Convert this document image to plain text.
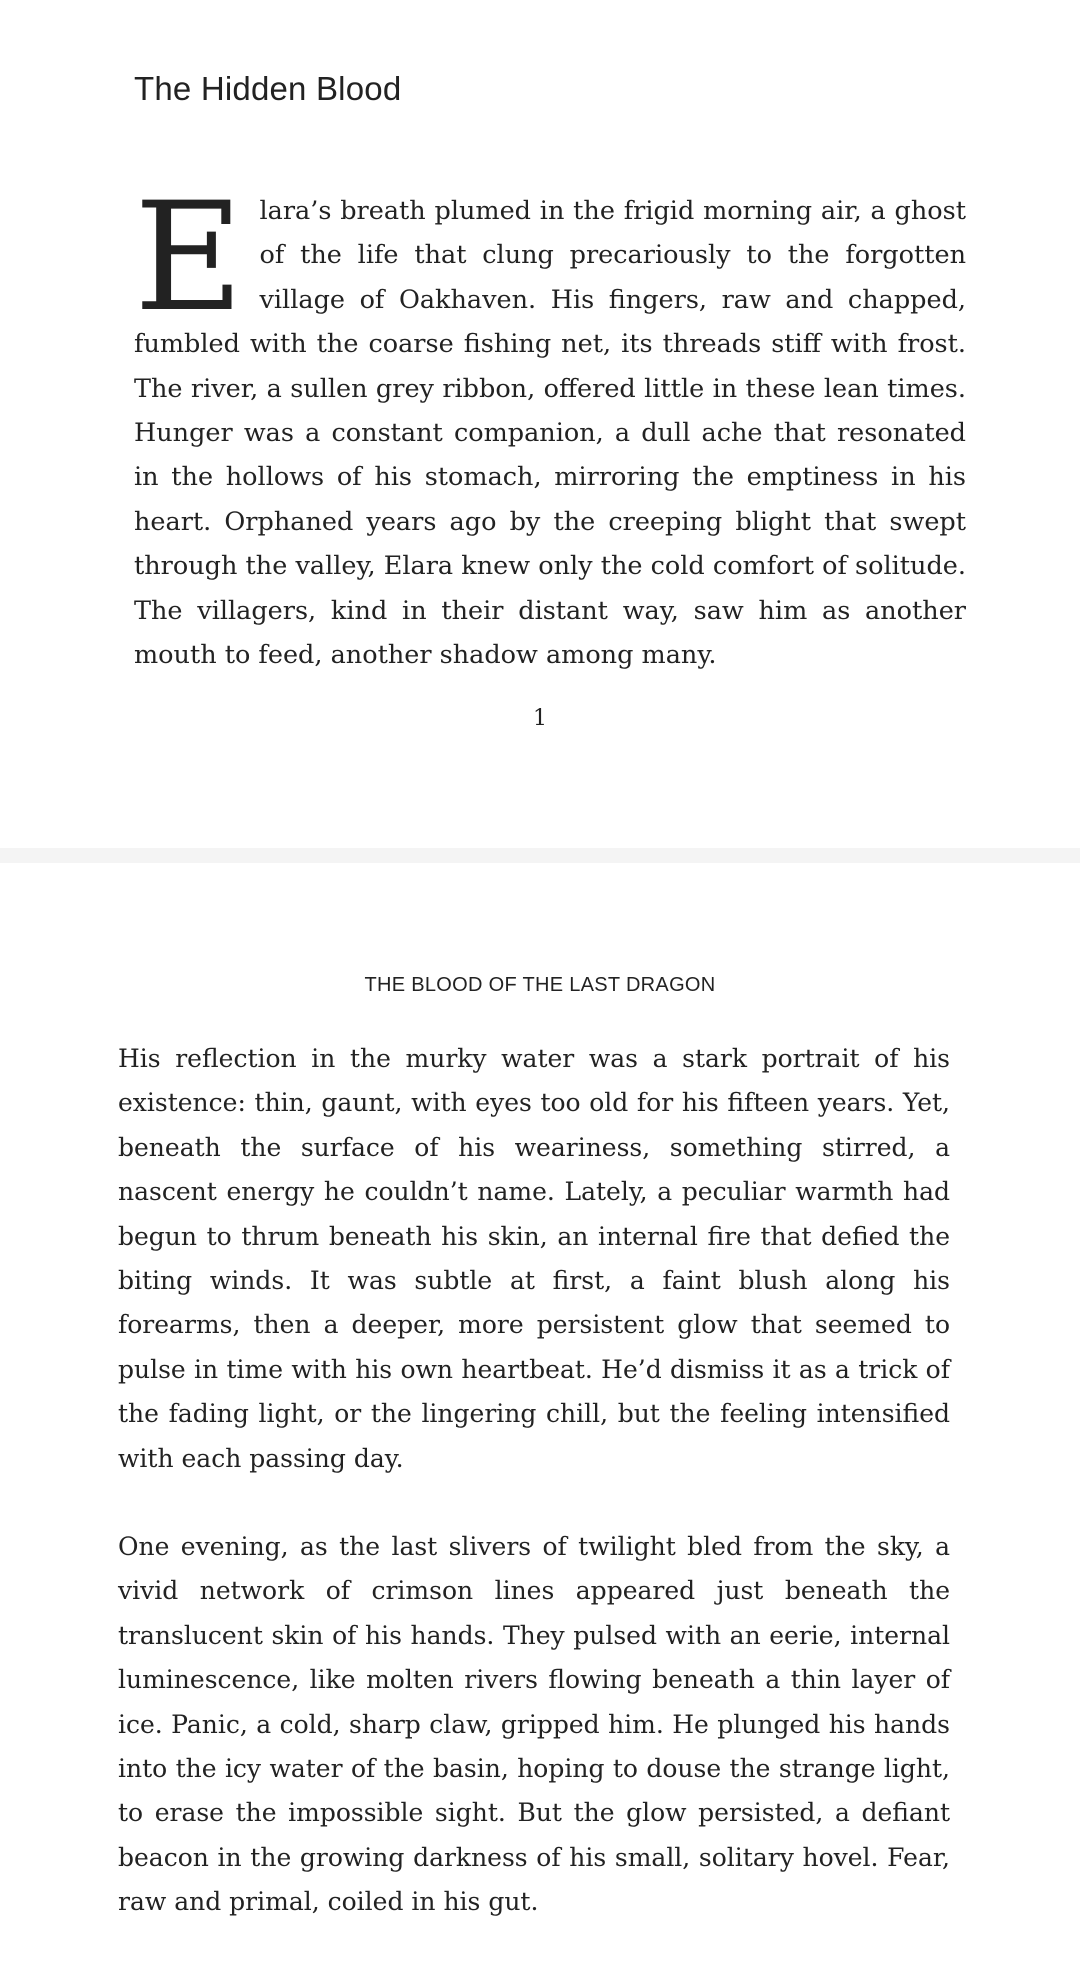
The Hidden Blood

Elara’s breath plumed in the frigid morning air, a ghost of the life that clung precariously to the forgotten village of Oakhaven. His fingers, raw and chapped, fumbled with the coarse fishing net, its threads stiff with frost. The river, a sullen grey ribbon, offered little in these lean times. Hunger was a constant companion, a dull ache that resonated in the hollows of his stomach, mirroring the emptiness in his heart. Orphaned years ago by the creeping blight that swept through the valley, Elara knew only the cold comfort of solitude. The villagers, kind in their distant way, saw him as another mouth to feed, another shadow among many.

1
THE BLOOD OF THE LAST DRAGON

His reflection in the murky water was a stark portrait of his existence: thin, gaunt, with eyes too old for his fifteen years. Yet, beneath the surface of his weariness, something stirred, a nascent energy he couldn’t name. Lately, a peculiar warmth had begun to thrum beneath his skin, an internal fire that defied the biting winds. It was subtle at first, a faint blush along his forearms, then a deeper, more persistent glow that seemed to pulse in time with his own heartbeat. He’d dismiss it as a trick of the fading light, or the lingering chill, but the feeling intensified with each passing day.

One evening, as the last slivers of twilight bled from the sky, a vivid network of crimson lines appeared just beneath the translucent skin of his hands. They pulsed with an eerie, internal luminescence, like molten rivers flowing beneath a thin layer of ice. Panic, a cold, sharp claw, gripped him. He plunged his hands into the icy water of the basin, hoping to douse the strange light, to erase the impossible sight. But the glow persisted, a defiant beacon in the growing darkness of his small, solitary hovel. Fear, raw and primal, coiled in his gut.
